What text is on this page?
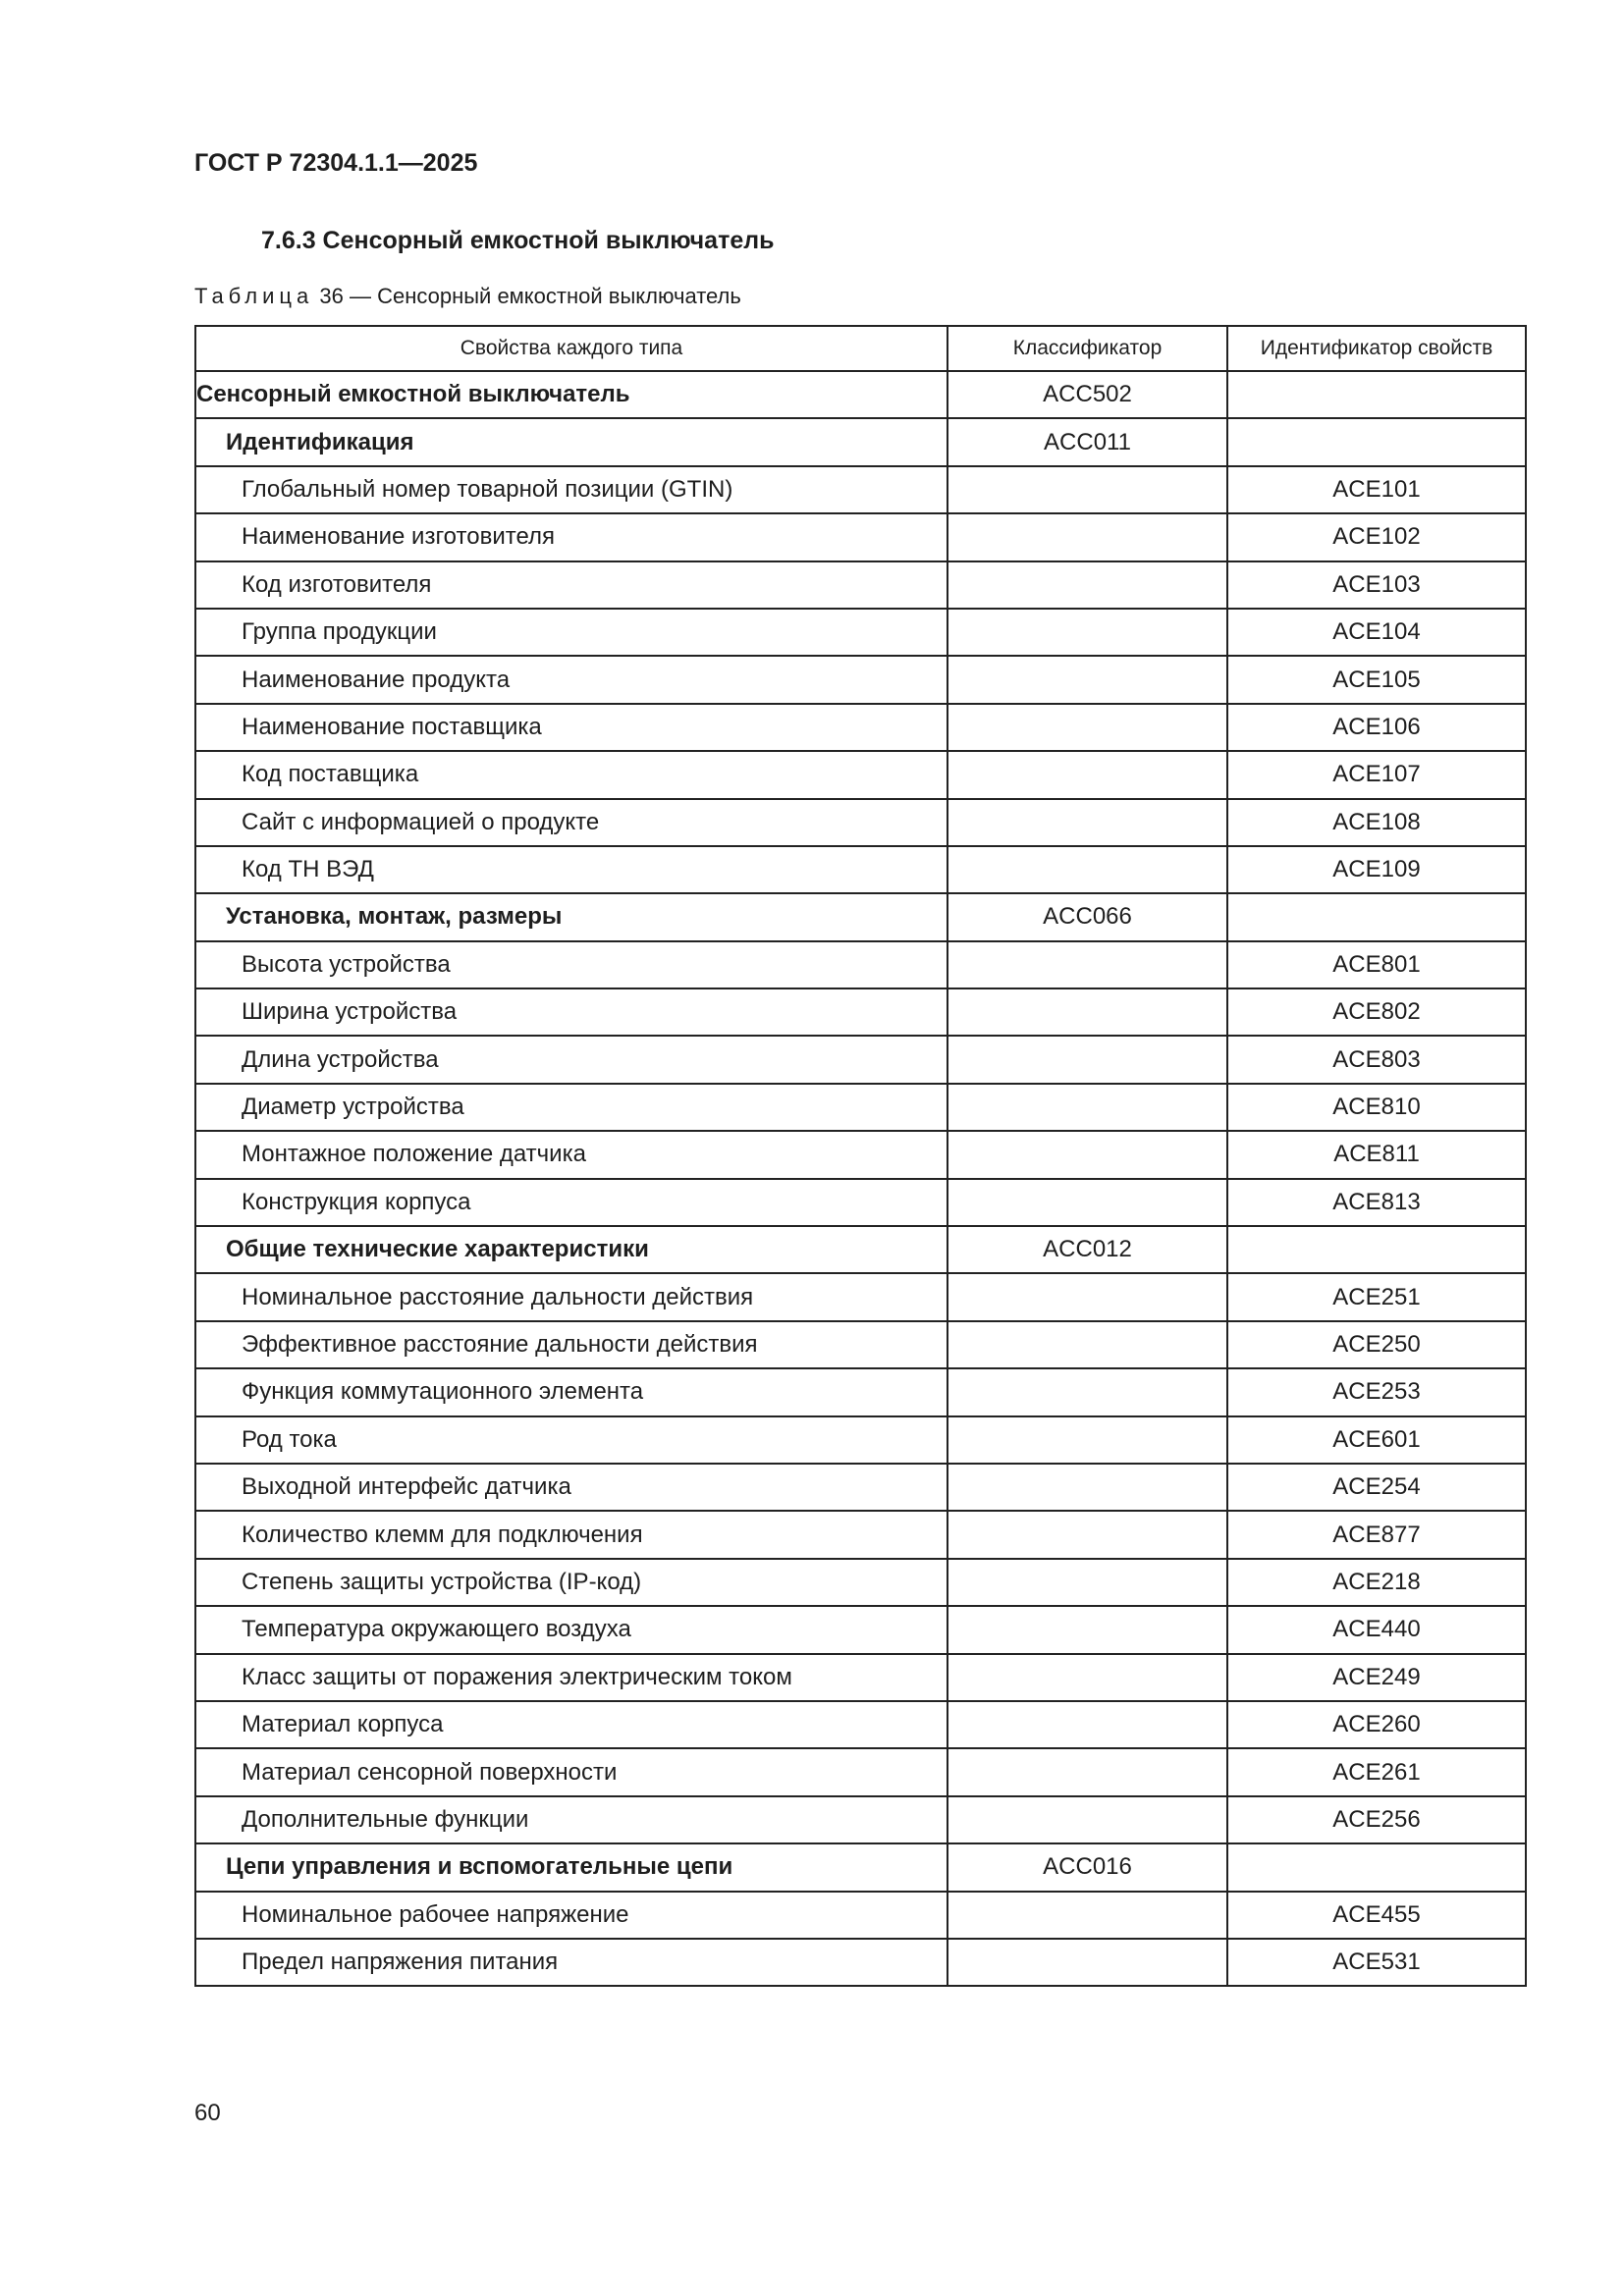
ГОСТ Р 72304.1.1—2025
7.6.3 Сенсорный емкостной выключатель
Таблица 36 — Сенсорный емкостной выключатель
Свойства каждого типа	Классификатор	Идентификатор свойств
Сенсорный емкостной выключатель	ACC502	
Идентификация	ACC011	
Глобальный номер товарной позиции (GTIN)		ACE101
Наименование изготовителя		ACE102
Код изготовителя		ACE103
Группа продукции		ACE104
Наименование продукта		ACE105
Наименование поставщика		ACE106
Код поставщика		ACE107
Сайт с информацией о продукте		ACE108
Код ТН ВЭД		ACE109
Установка, монтаж, размеры	ACC066	
Высота устройства		ACE801
Ширина устройства		ACE802
Длина устройства		ACE803
Диаметр устройства		ACE810
Монтажное положение датчика		ACE811
Конструкция корпуса		ACE813
Общие технические характеристики	ACC012	
Номинальное расстояние дальности действия		ACE251
Эффективное расстояние дальности действия		ACE250
Функция коммутационного элемента		ACE253
Род тока		ACE601
Выходной интерфейс датчика		ACE254
Количество клемм для подключения		ACE877
Степень защиты устройства (IP-код)		ACE218
Температура окружающего воздуха		ACE440
Класс защиты от поражения электрическим током		ACE249
Материал корпуса		ACE260
Материал сенсорной поверхности		ACE261
Дополнительные функции		ACE256
Цепи управления и вспомогательные цепи	ACC016	
Номинальное рабочее напряжение		ACE455
Предел напряжения питания		ACE531
60
